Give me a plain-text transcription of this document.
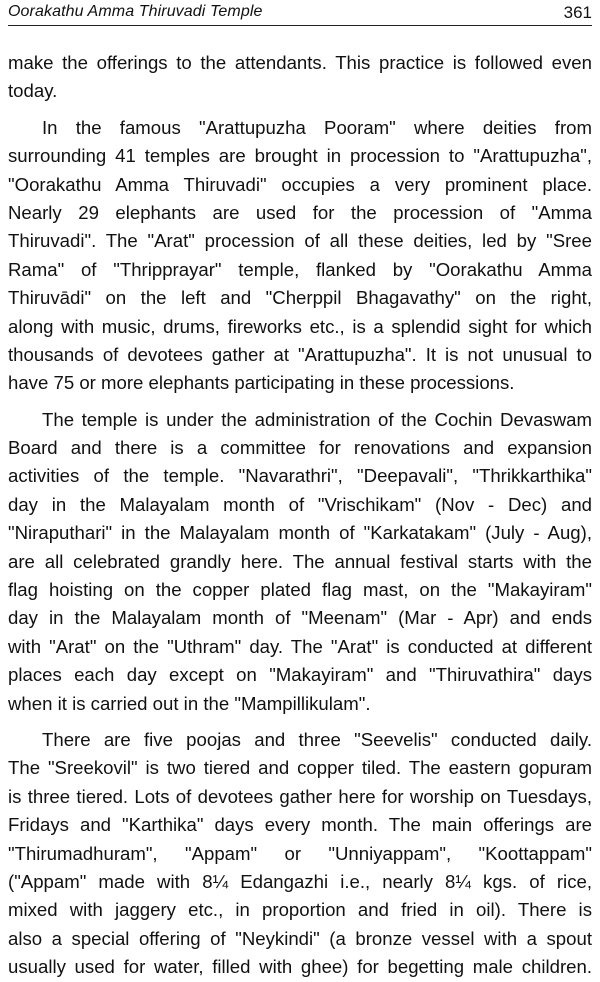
Oorakathu Amma Thiruvadi Temple	361
make the offerings to the attendants. This practice is followed even
today.
In the famous "Arattupuzha Pooram" where deities from
surrounding 41 temples are brought in procession to "Arattupuzha",
"Oorakathu Amma Thiruvadi" occupies a very prominent place.
Nearly 29 elephants are used for the procession of "Amma
Thiruvadi". The "Arat" procession of all these deities, led by "Sree
Rama" of "Thripprayar" temple, flanked by "Oorakathu Amma
Thiruvādi" on the left and "Cherppil Bhagavathy" on the right,
along with music, drums, fireworks etc., is a splendid sight for which
thousands of devotees gather at "Arattupuzha". It is not unusual to
have 75 or more elephants participating in these processions.
The temple is under the administration of the Cochin Devaswam
Board and there is a committee for renovations and expansion
activities of the temple. "Navarathri", "Deepavali", "Thrikkarthika"
day in the Malayalam month of "Vrischikam" (Nov - Dec) and
"Niraputhari" in the Malayalam month of "Karkatakam" (July - Aug),
are all celebrated grandly here. The annual festival starts with the
flag hoisting on the copper plated flag mast, on the "Makayiram"
day in the Malayalam month of "Meenam" (Mar - Apr) and ends
with "Arat" on the "Uthram" day. The "Arat" is conducted at different
places each day except on "Makayiram" and "Thiruvathira" days
when it is carried out in the "Mampillikulam".
There are five poojas and three "Seevelis" conducted daily.
The "Sreekovil" is two tiered and copper tiled. The eastern gopuram
is three tiered. Lots of devotees gather here for worship on Tuesdays,
Fridays and "Karthika" days every month. The main offerings are
"Thirumadhuram", "Appam" or "Unniyappam", "Koottappam"
("Appam" made with 8¼ Edangazhi i.e., nearly 8¼ kgs. of rice,
mixed with jaggery etc., in proportion and fried in oil). There is
also a special offering of "Neykindi" (a bronze vessel with a spout
usually used for water, filled with ghee) for begetting male children.
